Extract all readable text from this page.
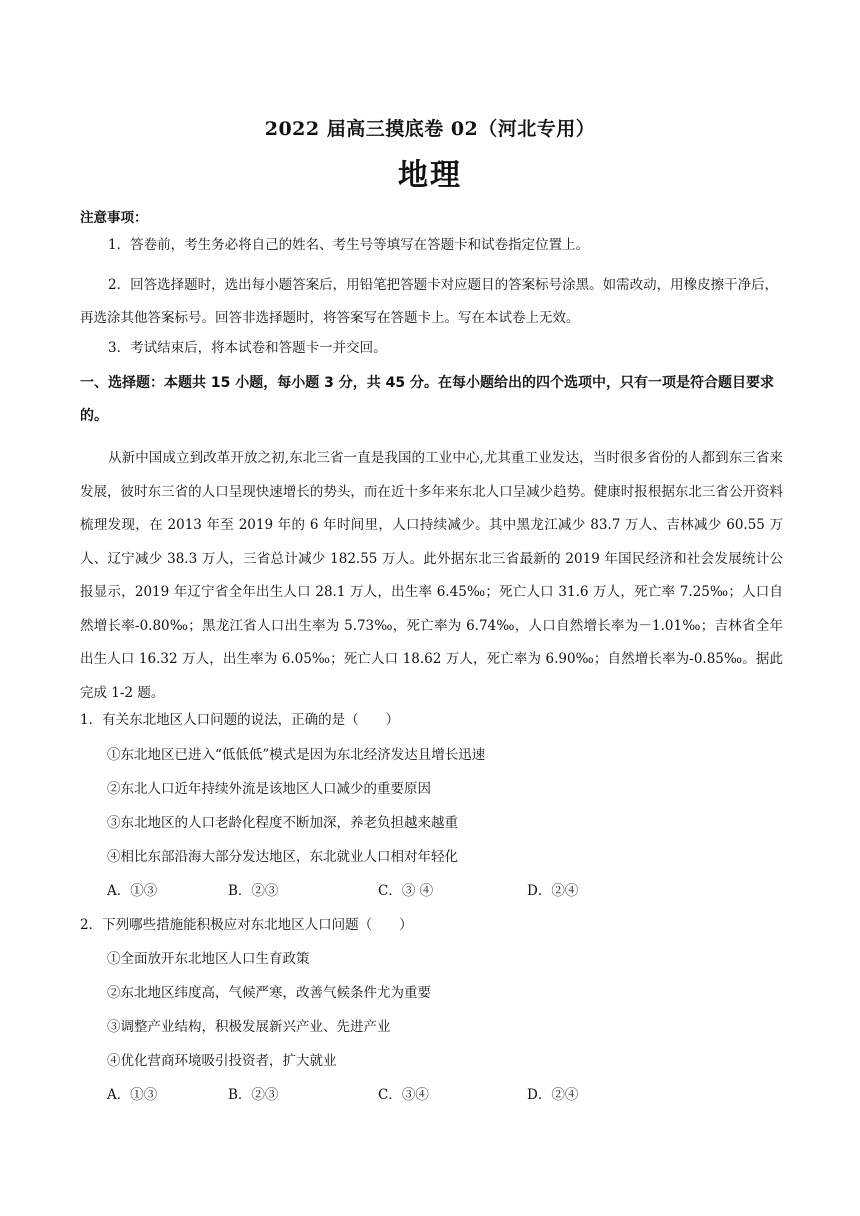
2022 届高三摸底卷 02（河北专用）
地理
注意事项：
1．答卷前，考生务必将自己的姓名、考生号等填写在答题卡和试卷指定位置上。
2．回答选择题时，选出每小题答案后，用铅笔把答题卡对应题目的答案标号涂黑。如需改动，用橡皮擦干净后，再选涂其他答案标号。回答非选择题时，将答案写在答题卡上。写在本试卷上无效。
3．考试结束后，将本试卷和答题卡一并交回。
一、选择题：本题共 15 小题，每小题 3 分，共 45 分。在每小题给出的四个选项中，只有一项是符合题目要求的。
从新中国成立到改革开放之初,东北三省一直是我国的工业中心,尤其重工业发达，当时很多省份的人都到东三省来发展，彼时东三省的人口呈现快速增长的势头，而在近十多年来东北人口呈减少趋势。健康时报根据东北三省公开资料梳理发现，在 2013 年至 2019 年的 6 年时间里，人口持续减少。其中黑龙江减少 83.7 万人、吉林减少 60.55 万人、辽宁减少 38.3 万人，三省总计减少 182.55 万人。此外据东北三省最新的 2019 年国民经济和社会发展统计公报显示，2019 年辽宁省全年出生人口 28.1 万人，出生率 6.45‰；死亡人口 31.6 万人，死亡率 7.25‰；人口自然增长率-0.80‰；黑龙江省人口出生率为 5.73‰，死亡率为 6.74‰，人口自然增长率为－1.01‰；吉林省全年出生人口 16.32 万人，出生率为 6.05‰；死亡人口 18.62 万人，死亡率为 6.90‰；自然增长率为-0.85‰。据此完成 1-2 题。
1．有关东北地区人口问题的说法，正确的是（　　）
①东北地区已进入“低低低”模式是因为东北经济发达且增长迅速
②东北人口近年持续外流是该地区人口减少的重要原因
③东北地区的人口老龄化程度不断加深，养老负担越来越重
④相比东部沿海大部分发达地区，东北就业人口相对年轻化
A．①③	B．②③	C．③ ④	D．②④
2．下列哪些措施能积极应对东北地区人口问题（　　）
①全面放开东北地区人口生育政策
②东北地区纬度高，气候严寒，改善气候条件尤为重要
③调整产业结构，积极发展新兴产业、先进产业
④优化营商环境吸引投资者，扩大就业
A．①③	B．②③	C．③④	D．②④
